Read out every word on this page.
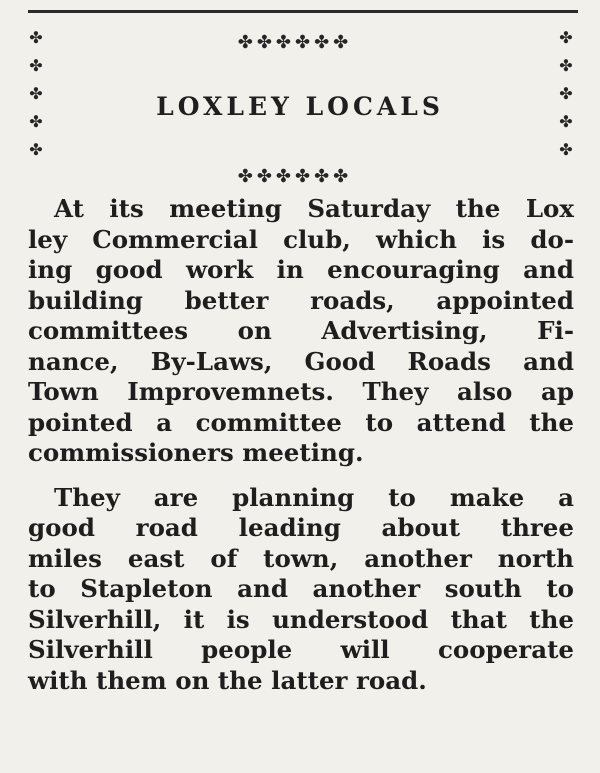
✤
✤
✤
✤
✤
✤
✤
✤
✤
✤
✤✤✤✤✤✤
LOXLEY LOCALS
✤✤✤✤✤✤

At its meeting Saturday the Lox
ley Commercial club, which is do-
ing good work in encouraging and
building better roads, appointed
committees on Advertising, Fi-
nance, By-Laws, Good Roads and
Town Improvemnets. They also ap
pointed a committee to attend the
commissioners meeting.

They are planning to make a
good road leading about three
miles east of town, another north
to Stapleton and another south to
Silverhill, it is understood that the
Silverhill people will cooperate
with them on the latter road.
